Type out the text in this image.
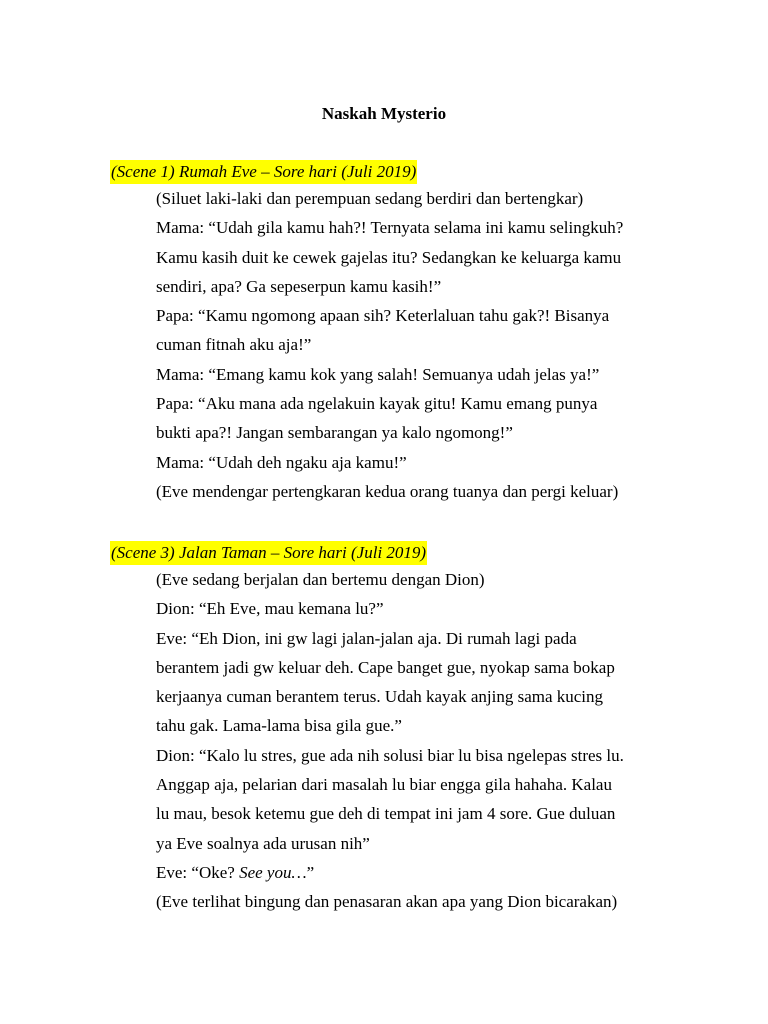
Naskah Mysterio
(Scene 1) Rumah Eve – Sore hari (Juli 2019)
(Siluet laki-laki dan perempuan sedang berdiri dan bertengkar)
Mama: “Udah gila kamu hah?! Ternyata selama ini kamu selingkuh?
Kamu kasih duit ke cewek gajelas itu? Sedangkan ke keluarga kamu
sendiri, apa? Ga sepeserpun kamu kasih!”
Papa: “Kamu ngomong apaan sih? Keterlaluan tahu gak?! Bisanya
cuman fitnah aku aja!”
Mama: “Emang kamu kok yang salah! Semuanya udah jelas ya!”
Papa: “Aku mana ada ngelakuin kayak gitu! Kamu emang punya
bukti apa?! Jangan sembarangan ya kalo ngomong!”
Mama: “Udah deh ngaku aja kamu!”
(Eve mendengar pertengkaran kedua orang tuanya dan pergi keluar)
(Scene 3) Jalan Taman – Sore hari (Juli 2019)
(Eve sedang berjalan dan bertemu dengan Dion)
Dion: “Eh Eve, mau kemana lu?”
Eve: “Eh Dion, ini gw lagi jalan-jalan aja. Di rumah lagi pada
berantem jadi gw keluar deh. Cape banget gue, nyokap sama bokap
kerjaanya cuman berantem terus. Udah kayak anjing sama kucing
tahu gak. Lama-lama bisa gila gue.”
Dion: “Kalo lu stres, gue ada nih solusi biar lu bisa ngelepas stres lu.
Anggap aja, pelarian dari masalah lu biar engga gila hahaha. Kalau
lu mau, besok ketemu gue deh di tempat ini jam 4 sore. Gue duluan
ya Eve soalnya ada urusan nih”
Eve: “Oke? See you…”
(Eve terlihat bingung dan penasaran akan apa yang Dion bicarakan)
